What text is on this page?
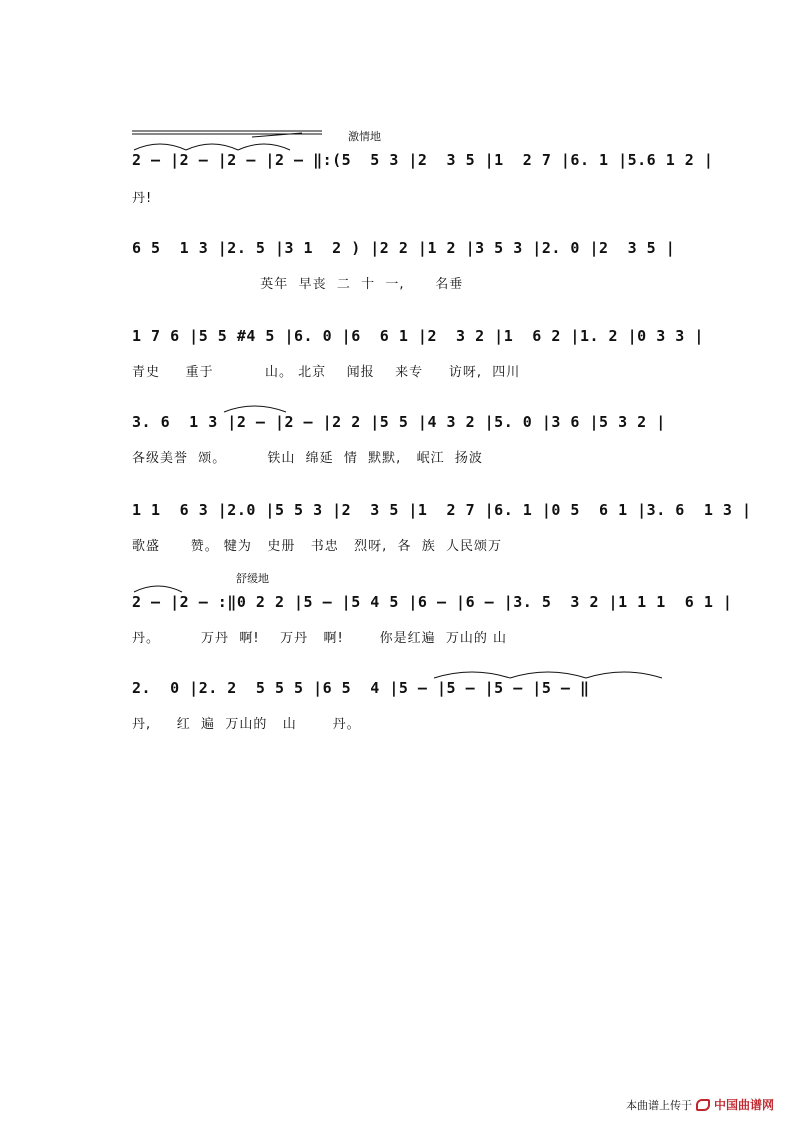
激情地
2 – |2 – |2 – |2 – ‖:(5  5 3 |2  3 5 |1  2 7 |6. 1 |5.6 1 2 |
丹!
6 5  1 3 |2. 5 |3 1  2 ) |2 2 |1 2 |3 5 3 |2. 0 |2  3 5 |
英年  早丧  二  十  一,      名垂
1 7 6 |5 5 #4 5 |6. 0 |6  6 1 |2  3 2 |1  6 2 |1. 2 |0 3 3 |
青史     重于          山。 北京    闻报    来专     访呀,  四川
3. 6  1 3 |2 – |2 – |2 2 |5 5 |4 3 2 |5. 0 |3 6 |5 3 2 |
各级美誉  颂。        铁山  绵延  情  默默,   岷江  扬波
1 1  6 3 |2.0 |5 5 3 |2  3 5 |1  2 7 |6. 1 |0 5  6 1 |3. 6  1 3 |
歌盛      赞。 犍为   史册   书忠   烈呀,  各  族  人民颂万
舒缓地
2 – |2 – :‖0 2 2 |5 – |5 4 5 |6 – |6 – |3. 5  3 2 |1 1 1  6 1 |
丹。        万丹  啊!    万丹   啊!       你是红遍  万山的 山
2.  0 |2. 2  5 5 5 |6 5  4 |5 – |5 – |5 – |5 – ‖
丹,     红  遍  万山的   山       丹。
本曲谱上传于 中国曲谱网
